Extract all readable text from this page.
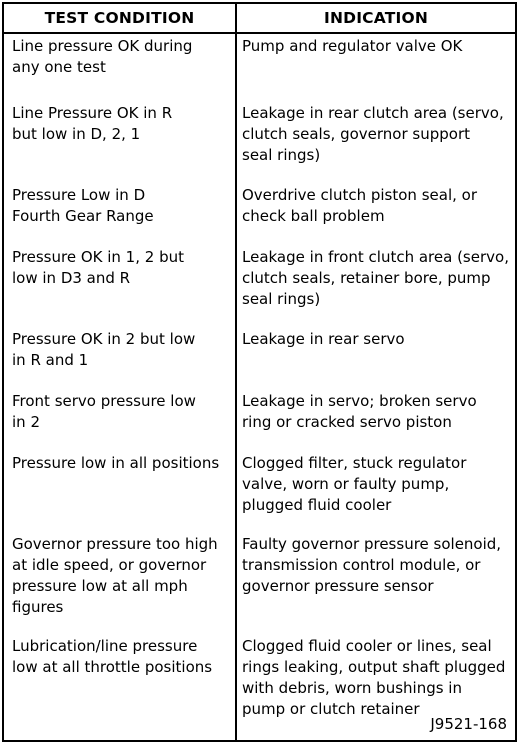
TEST CONDITION	INDICATION
Line pressure OK during
any one test
Pump and regulator valve OK
Line Pressure OK in R
but low in D, 2, 1
Leakage in rear clutch area (servo,
clutch seals, governor support
seal rings)
Pressure Low in D
Fourth Gear Range
Overdrive clutch piston seal, or
check ball problem
Pressure OK in 1, 2 but
low in D3 and R
Leakage in front clutch area (servo,
clutch seals, retainer bore, pump
seal rings)
Pressure OK in 2 but low
in R and 1
Leakage in rear servo
Front servo pressure low
in 2
Leakage in servo; broken servo
ring or cracked servo piston
Pressure low in all positions	Clogged filter, stuck regulator
valve, worn or faulty pump,
plugged fluid cooler
Governor pressure too high
at idle speed, or governor
pressure low at all mph
figures
Faulty governor pressure solenoid,
transmission control module, or
governor pressure sensor
Lubrication/line pressure
low at all throttle positions
Clogged fluid cooler or lines, seal
rings leaking, output shaft plugged
with debris, worn bushings in
pump or clutch retainer
J9521-168
